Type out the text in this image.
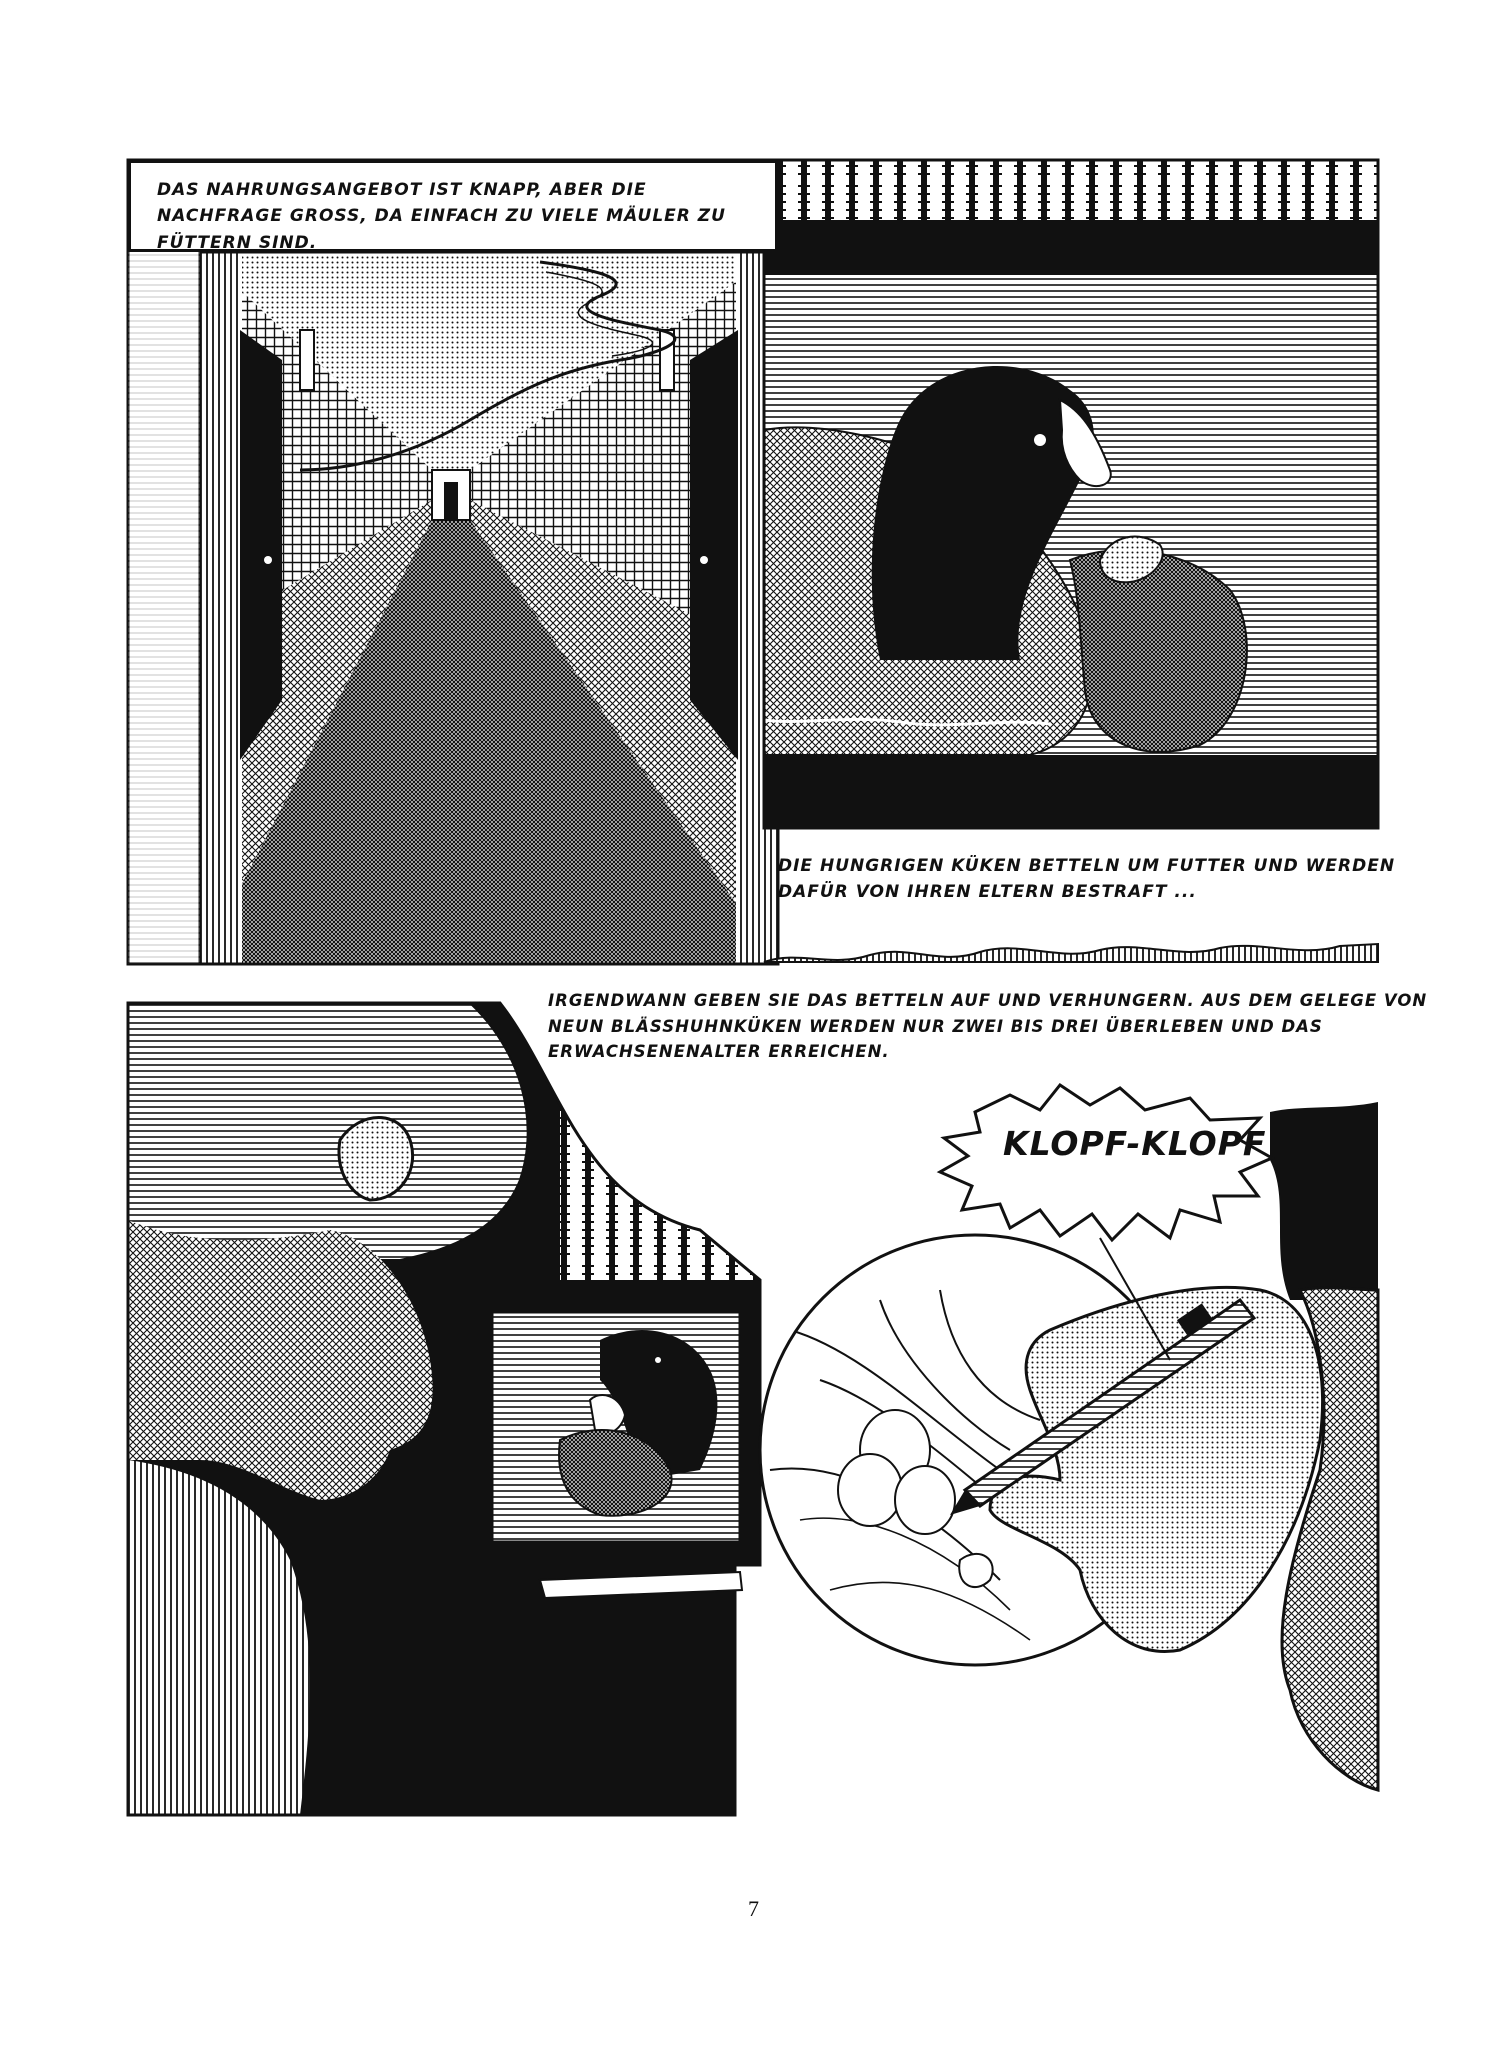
DAS NAHRUNGSANGEBOT IST KNAPP, ABER DIE NACHFRAGE GROSS, DA EINFACH ZU VIELE MÄULER ZU FÜTTERN SIND.
DIE HUNGRIGEN KÜKEN BETTELN UM FUTTER UND WERDEN DAFÜR VON IHREN ELTERN BESTRAFT ...
IRGENDWANN GEBEN SIE DAS BETTELN AUF UND VERHUNGERN. AUS DEM GELEGE VON NEUN BLÄSSHUHNKÜKEN WERDEN NUR ZWEI BIS DREI ÜBERLEBEN UND DAS ERWACHSENENALTER ERREICHEN.
KLOPF-KLOPF
7
